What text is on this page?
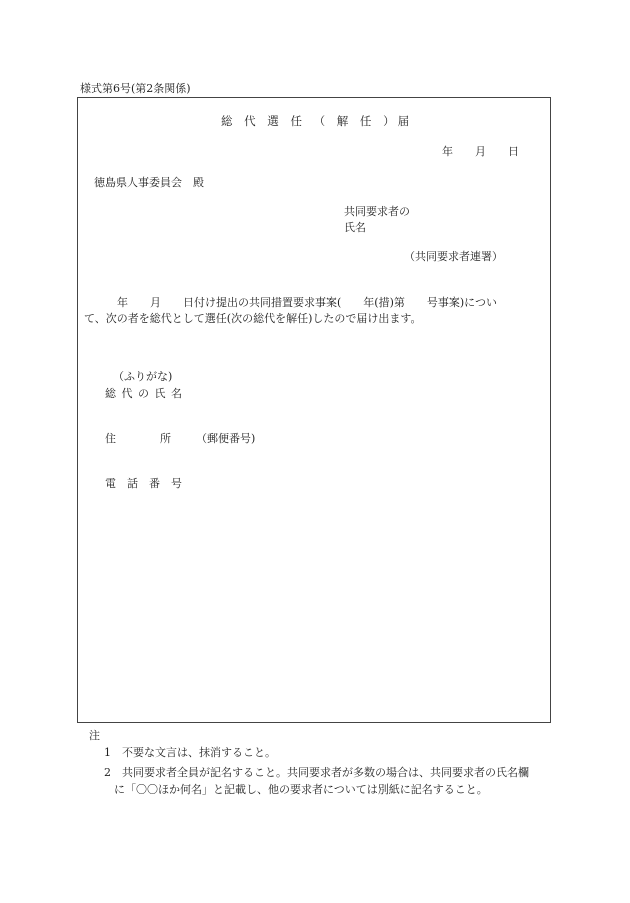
様式第6号(第2条関係)
総 代 選 任 （ 解 任 ）届
年　　月　　日
徳島県人事委員会　殿
共同要求者の
氏名
（共同要求者連署）
　　　年　　月　　日付け提出の共同措置要求事案(　　年(措)第　　号事案)につい
て、次の者を総代として選任(次の総代を解任)したので届け出ます。
（ふりがな)
総 代 の 氏 名
住　　　　所 （郵便番号)
電　話　番　号
注
1　不要な文言は、抹消すること。
2　共同要求者全員が記名すること。共同要求者が多数の場合は、共同要求者の氏名欄
に「〇〇ほか何名」と記載し、他の要求者については別紙に記名すること。
